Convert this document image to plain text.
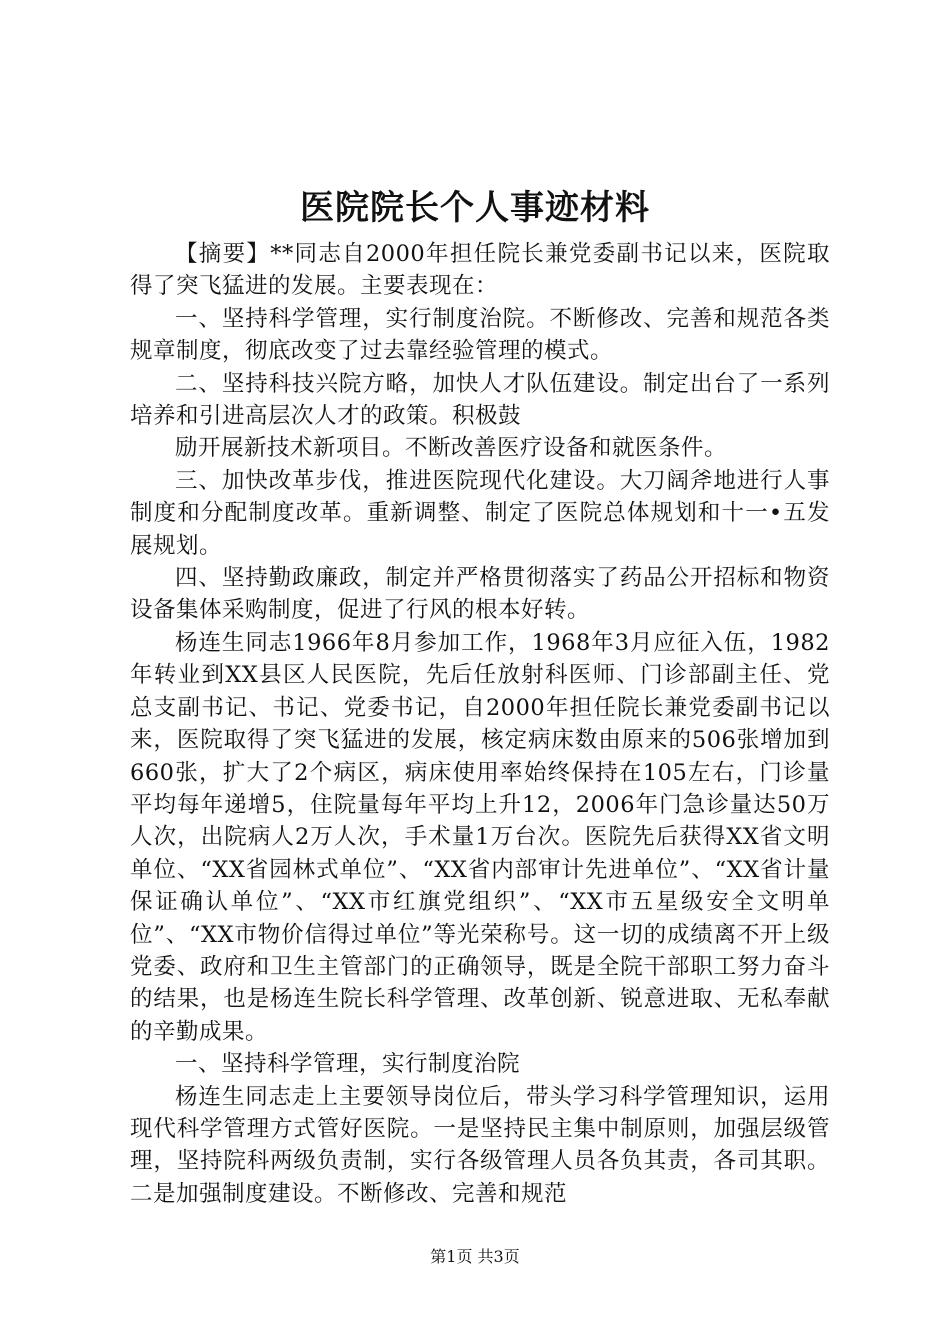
医院院长个人事迹材料

【摘要】**同志自2000年担任院长兼党委副书记以来，医院取得了突飞猛进的发展。主要表现在：

一、坚持科学管理，实行制度治院。不断修改、完善和规范各类规章制度，彻底改变了过去靠经验管理的模式。

二、坚持科技兴院方略，加快人才队伍建设。制定出台了一系列培养和引进高层次人才的政策。积极鼓

励开展新技术新项目。不断改善医疗设备和就医条件。

三、加快改革步伐，推进医院现代化建设。大刀阔斧地进行人事制度和分配制度改革。重新调整、制定了医院总体规划和十一•五发展规划。

四、坚持勤政廉政，制定并严格贯彻落实了药品公开招标和物资设备集体采购制度，促进了行风的根本好转。

杨连生同志1966年8月参加工作，1968年3月应征入伍，1982年转业到XX县区人民医院，先后任放射科医师、门诊部副主任、党总支副书记、书记、党委书记，自2000年担任院长兼党委副书记以来，医院取得了突飞猛进的发展，核定病床数由原来的506张增加到660张，扩大了2个病区，病床使用率始终保持在105左右，门诊量平均每年递增5，住院量每年平均上升12，2006年门急诊量达50万人次，出院病人2万人次，手术量1万台次。医院先后获得XX省文明单位、“XX省园林式单位”、“XX省内部审计先进单位”、“XX省计量保证确认单位”、“XX市红旗党组织”、“XX市五星级安全文明单位”、“XX市物价信得过单位”等光荣称号。这一切的成绩离不开上级党委、政府和卫生主管部门的正确领导，既是全院干部职工努力奋斗的结果，也是杨连生院长科学管理、改革创新、锐意进取、无私奉献的辛勤成果。

一、坚持科学管理，实行制度治院

杨连生同志走上主要领导岗位后，带头学习科学管理知识，运用现代科学管理方式管好医院。一是坚持民主集中制原则，加强层级管理，坚持院科两级负责制，实行各级管理人员各负其责，各司其职。二是加强制度建设。不断修改、完善和规范

第1页 共3页
